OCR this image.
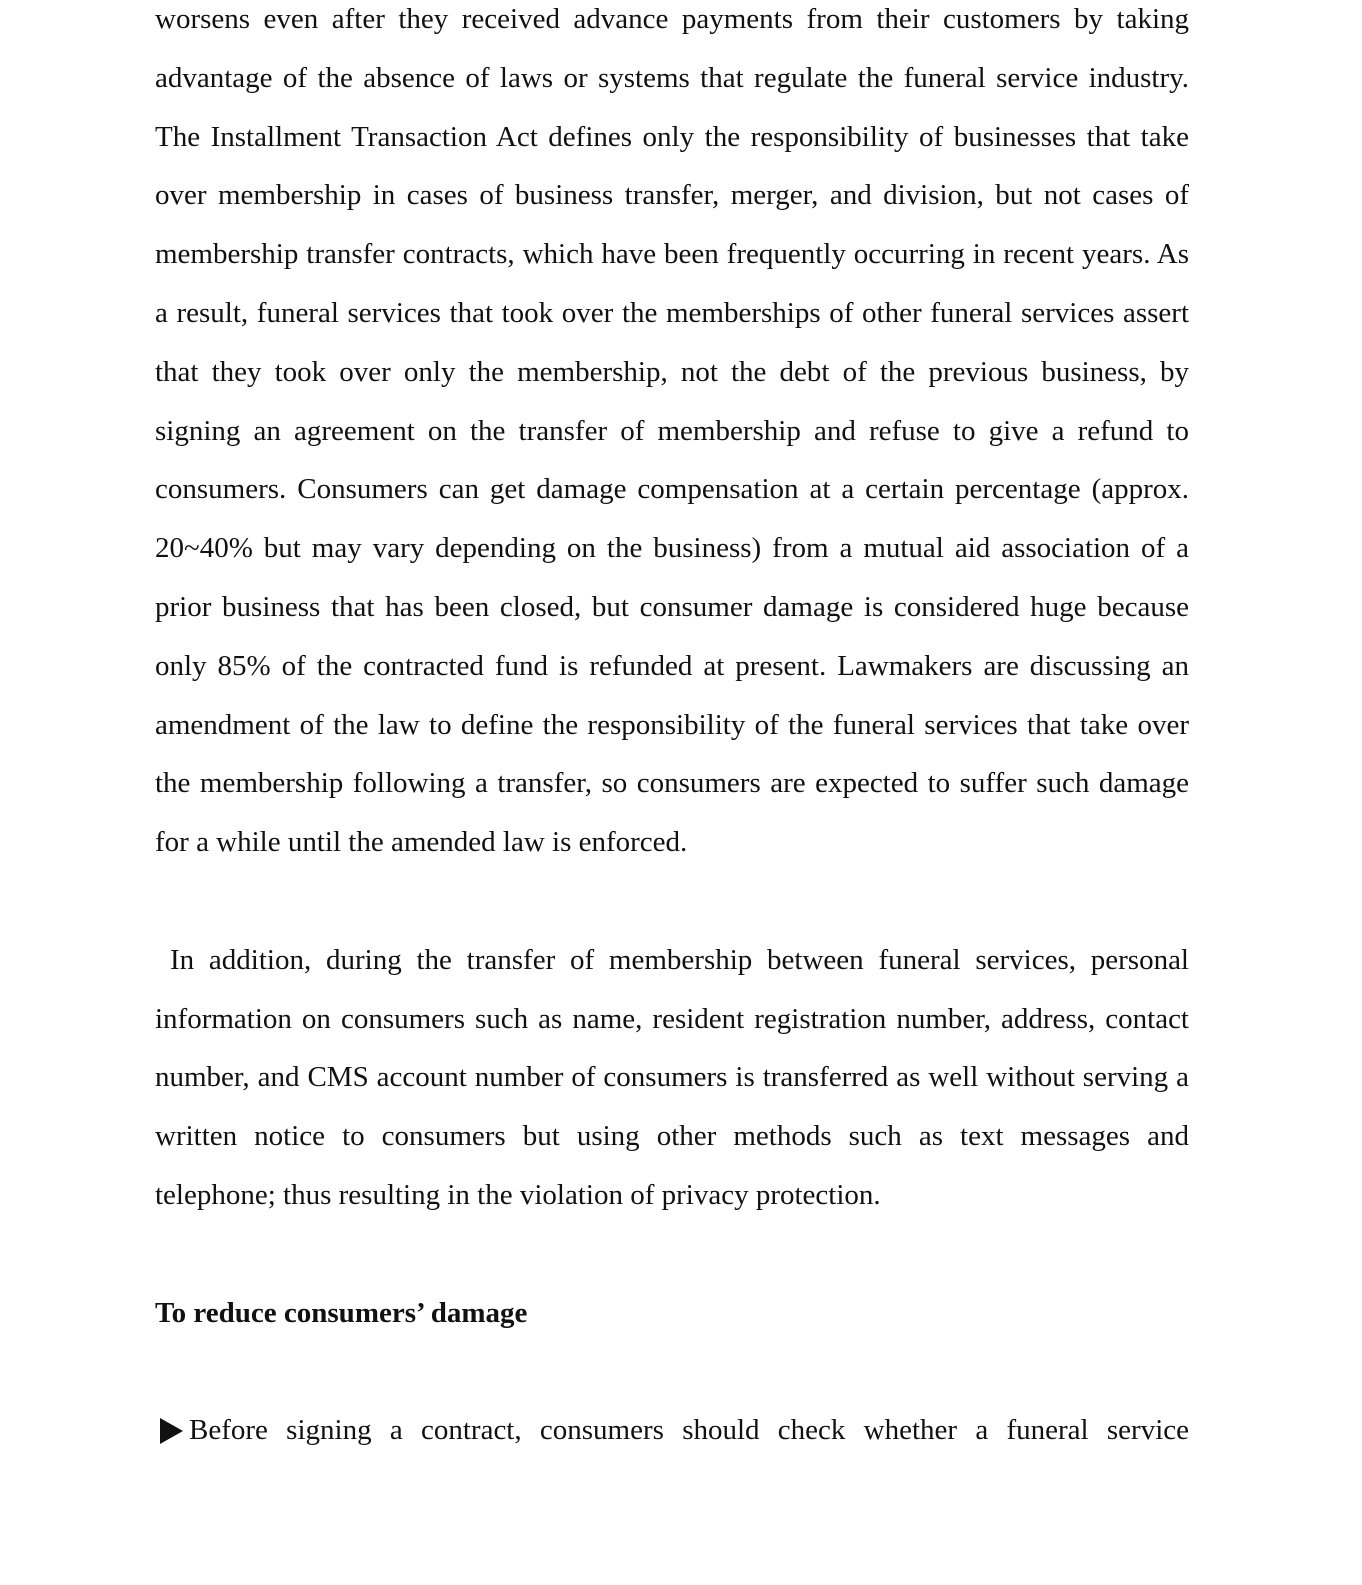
worsens even after they received advance payments from their customers by taking advantage of the absence of laws or systems that regulate the funeral service industry. The Installment Transaction Act defines only the responsibility of businesses that take over membership in cases of business transfer, merger, and division, but not cases of membership transfer contracts, which have been frequently occurring in recent years. As a result, funeral services that took over the memberships of other funeral services assert that they took over only the membership, not the debt of the previous business, by signing an agreement on the transfer of membership and refuse to give a refund to consumers. Consumers can get damage compensation at a certain percentage (approx. 20~40% but may vary depending on the business) from a mutual aid association of a prior business that has been closed, but consumer damage is considered huge because only 85% of the contracted fund is refunded at present. Lawmakers are discussing an amendment of the law to define the responsibility of the funeral services that take over the membership following a transfer, so consumers are expected to suffer such damage for a while until the amended law is enforced.

In addition, during the transfer of membership between funeral services, personal information on consumers such as name, resident registration number, address, contact number, and CMS account number of consumers is transferred as well without serving a written notice to consumers but using other methods such as text messages and telephone; thus resulting in the violation of privacy protection.

To reduce consumers’ damage

Before signing a contract, consumers should check whether a funeral service
